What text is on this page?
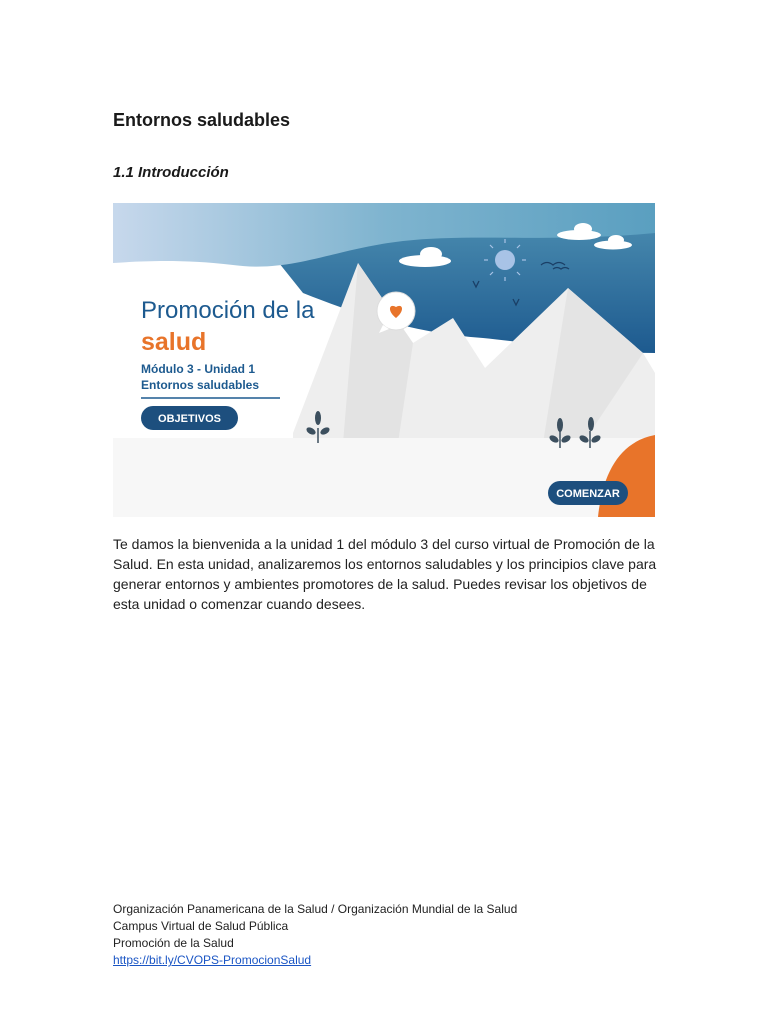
Entornos saludables
1.1 Introducción
Promoción de la
salud
Módulo 3 - Unidad 1
Entornos saludables
OBJETIVOS
COMENZAR

Te damos la bienvenida a la unidad 1 del módulo 3 del curso virtual de Promoción de la Salud. En esta unidad, analizaremos los entornos saludables y los principios clave para generar entornos y ambientes promotores de la salud. Puedes revisar los objetivos de esta unidad o comenzar cuando desees.

Organización Panamericana de la Salud / Organización Mundial de la Salud
Campus Virtual de Salud Pública
Promoción de la Salud
https://bit.ly/CVOPS-PromocionSalud
